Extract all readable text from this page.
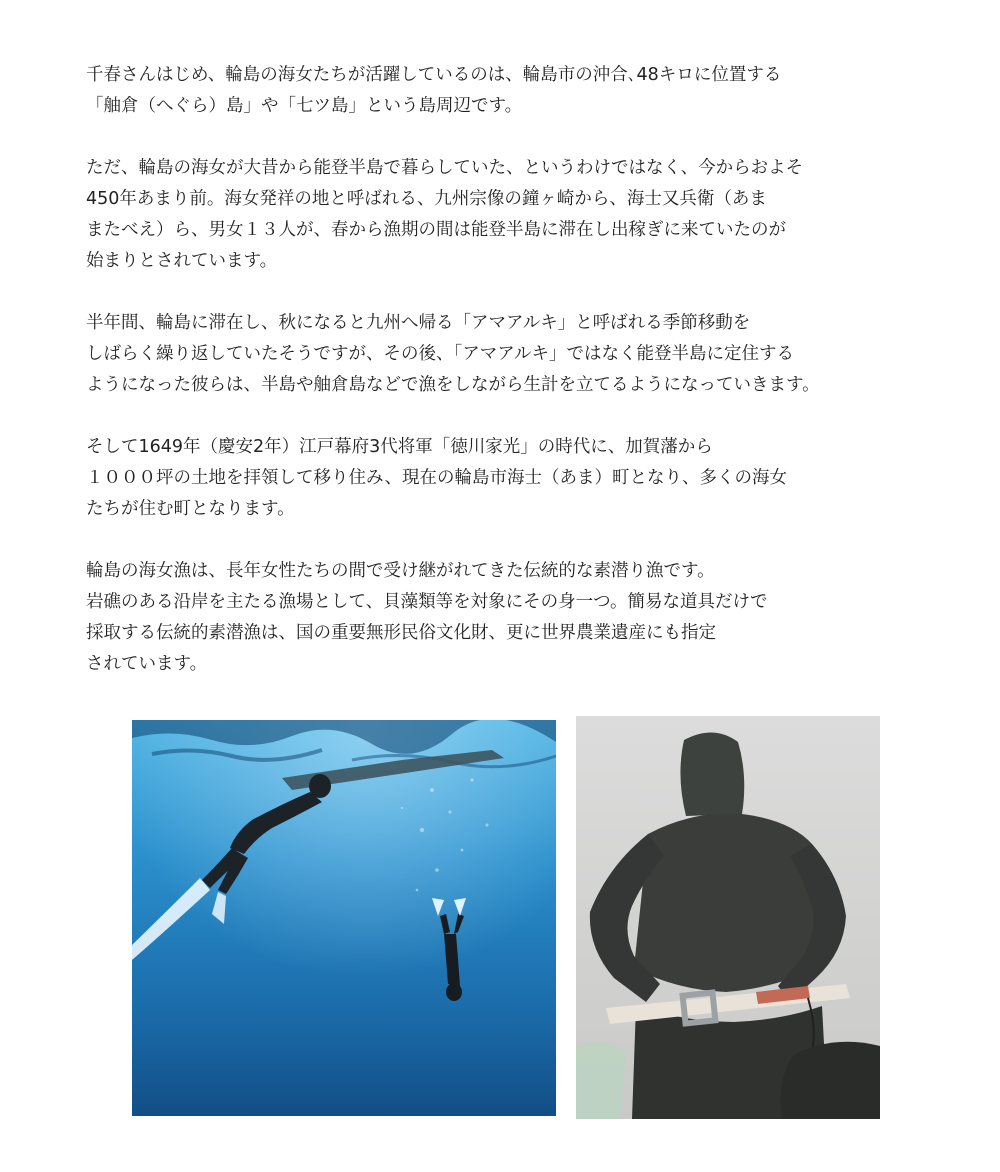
千春さんはじめ、輪島の海女たちが活躍しているのは、輪島市の沖合､48キロに位置する
「舳倉（へぐら）島」や「七ツ島」という島周辺です。

ただ、輪島の海女が大昔から能登半島で暮らしていた、というわけではなく、今からおよそ
450年あまり前。海女発祥の地と呼ばれる、九州宗像の鐘ヶ崎から、海士又兵衛（あま
またべえ）ら、男女１３人が、春から漁期の間は能登半島に滞在し出稼ぎに来ていたのが
始まりとされています。

半年間、輪島に滞在し、秋になると九州へ帰る「アマアルキ」と呼ばれる季節移動を
しばらく繰り返していたそうですが、その後、「アマアルキ」ではなく能登半島に定住する
ようになった彼らは、半島や舳倉島などで漁をしながら生計を立てるようになっていきます。

そして1649年（慶安2年）江戸幕府3代将軍「徳川家光」の時代に、加賀藩から
１０００坪の土地を拝領して移り住み、現在の輪島市海士（あま）町となり、多くの海女
たちが住む町となります。

輪島の海女漁は、長年女性たちの間で受け継がれてきた伝統的な素潜り漁です。
岩礁のある沿岸を主たる漁場として、貝藻類等を対象にその身一つ。簡易な道具だけで
採取する伝統的素潜漁は、国の重要無形民俗文化財、更に世界農業遺産にも指定
されています。
